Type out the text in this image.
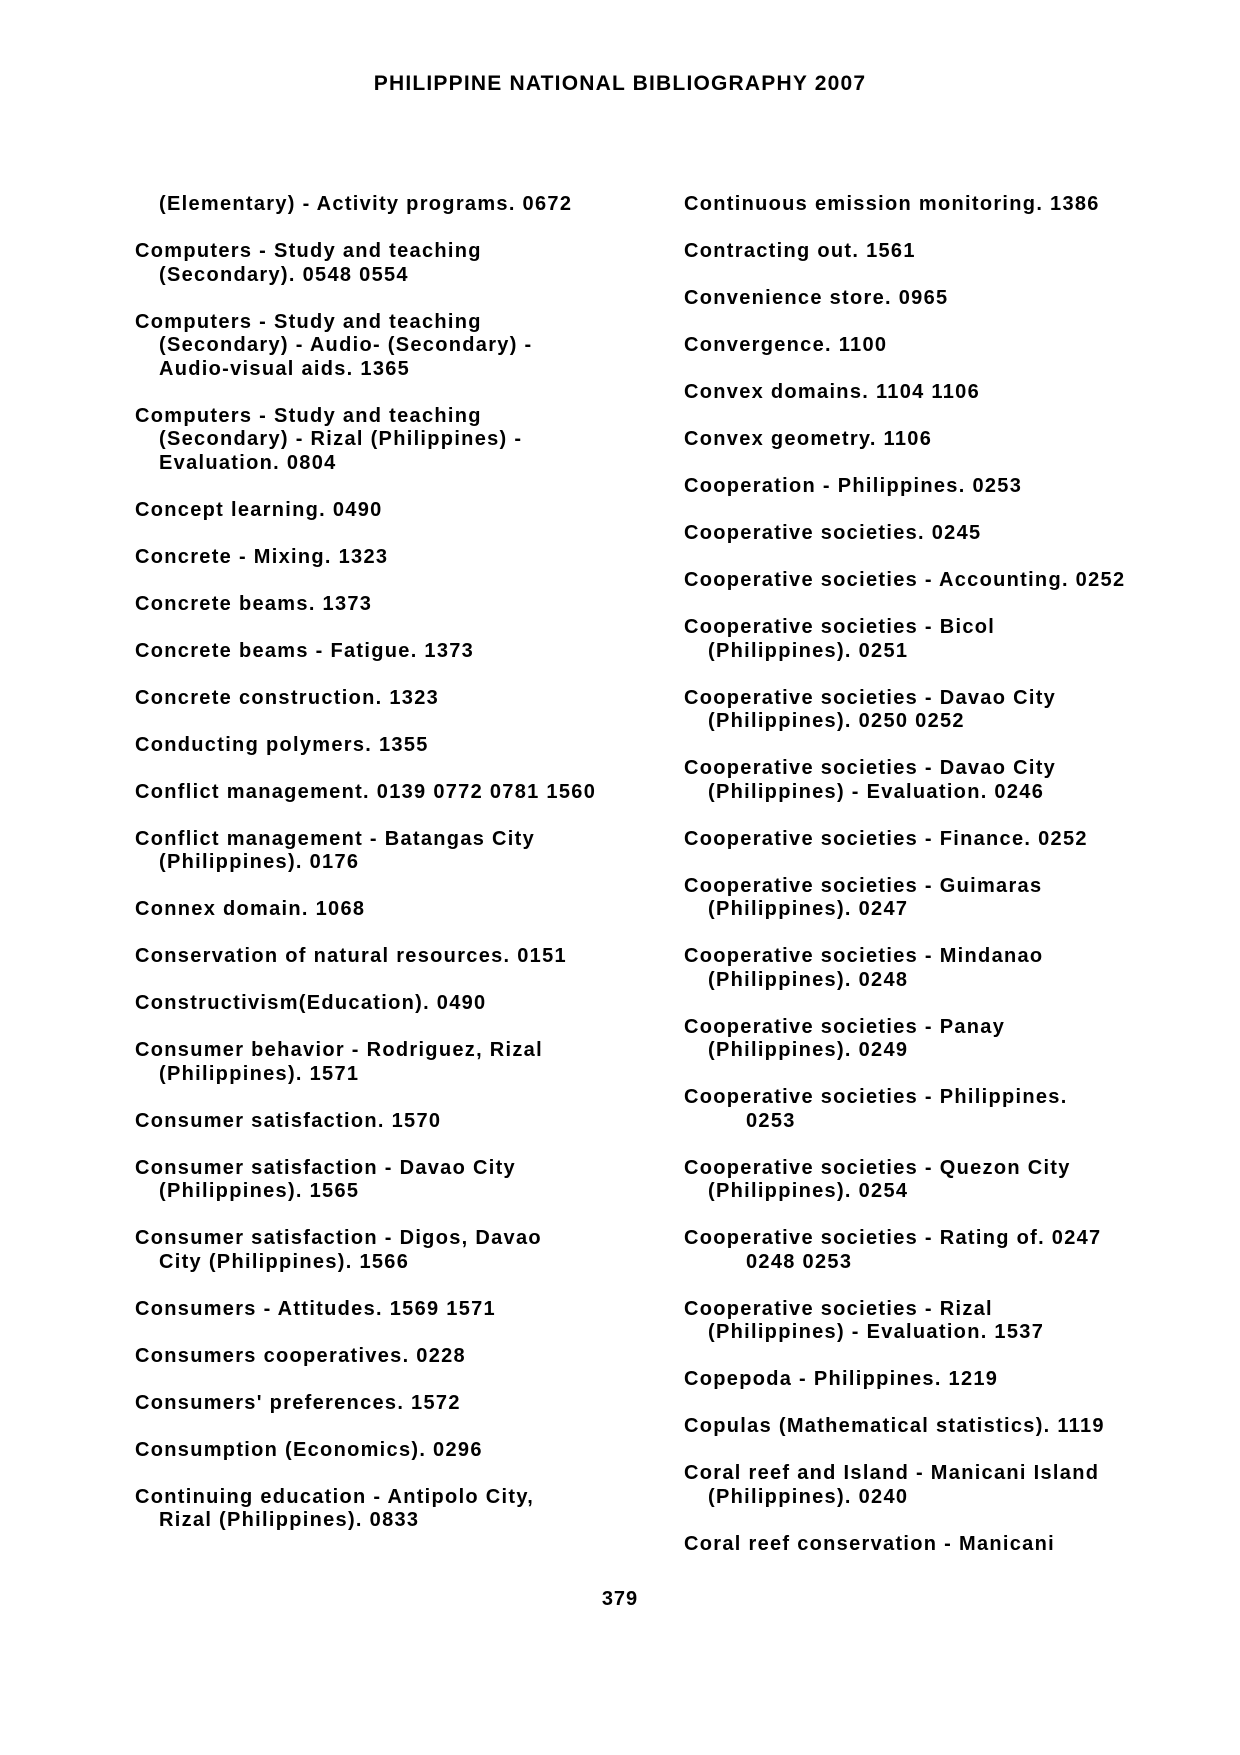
PHILIPPINE NATIONAL BIBLIOGRAPHY 2007
(Elementary) - Activity programs. 0672
Computers - Study and teaching
(Secondary). 0548 0554
Computers - Study and teaching
(Secondary) - Audio- (Secondary) -
Audio-visual aids. 1365
Computers - Study and teaching
(Secondary) - Rizal (Philippines) -
Evaluation. 0804
Concept learning. 0490
Concrete - Mixing. 1323
Concrete beams. 1373
Concrete beams - Fatigue. 1373
Concrete construction. 1323
Conducting polymers. 1355
Conflict management. 0139 0772 0781 1560
Conflict management - Batangas City
(Philippines). 0176
Connex domain. 1068
Conservation of natural resources. 0151
Constructivism(Education). 0490
Consumer behavior - Rodriguez, Rizal
(Philippines). 1571
Consumer satisfaction. 1570
Consumer satisfaction - Davao City
(Philippines). 1565
Consumer satisfaction - Digos, Davao
City (Philippines). 1566
Consumers - Attitudes. 1569 1571
Consumers cooperatives. 0228
Consumers' preferences. 1572
Consumption (Economics). 0296
Continuing education - Antipolo City,
Rizal (Philippines). 0833
Continuous emission monitoring. 1386
Contracting out. 1561
Convenience store. 0965
Convergence. 1100
Convex domains. 1104 1106
Convex geometry. 1106
Cooperation - Philippines. 0253
Cooperative societies. 0245
Cooperative societies - Accounting. 0252
Cooperative societies - Bicol
(Philippines). 0251
Cooperative societies - Davao City
(Philippines). 0250 0252
Cooperative societies - Davao City
(Philippines) - Evaluation. 0246
Cooperative societies - Finance. 0252
Cooperative societies - Guimaras
(Philippines). 0247
Cooperative societies - Mindanao
(Philippines). 0248
Cooperative societies - Panay
(Philippines). 0249
Cooperative societies - Philippines.
0253
Cooperative societies - Quezon City
(Philippines). 0254
Cooperative societies - Rating of. 0247
0248 0253
Cooperative societies - Rizal
(Philippines) - Evaluation. 1537
Copepoda - Philippines. 1219
Copulas (Mathematical statistics). 1119
Coral reef and Island - Manicani Island
(Philippines). 0240
Coral reef conservation - Manicani
379
